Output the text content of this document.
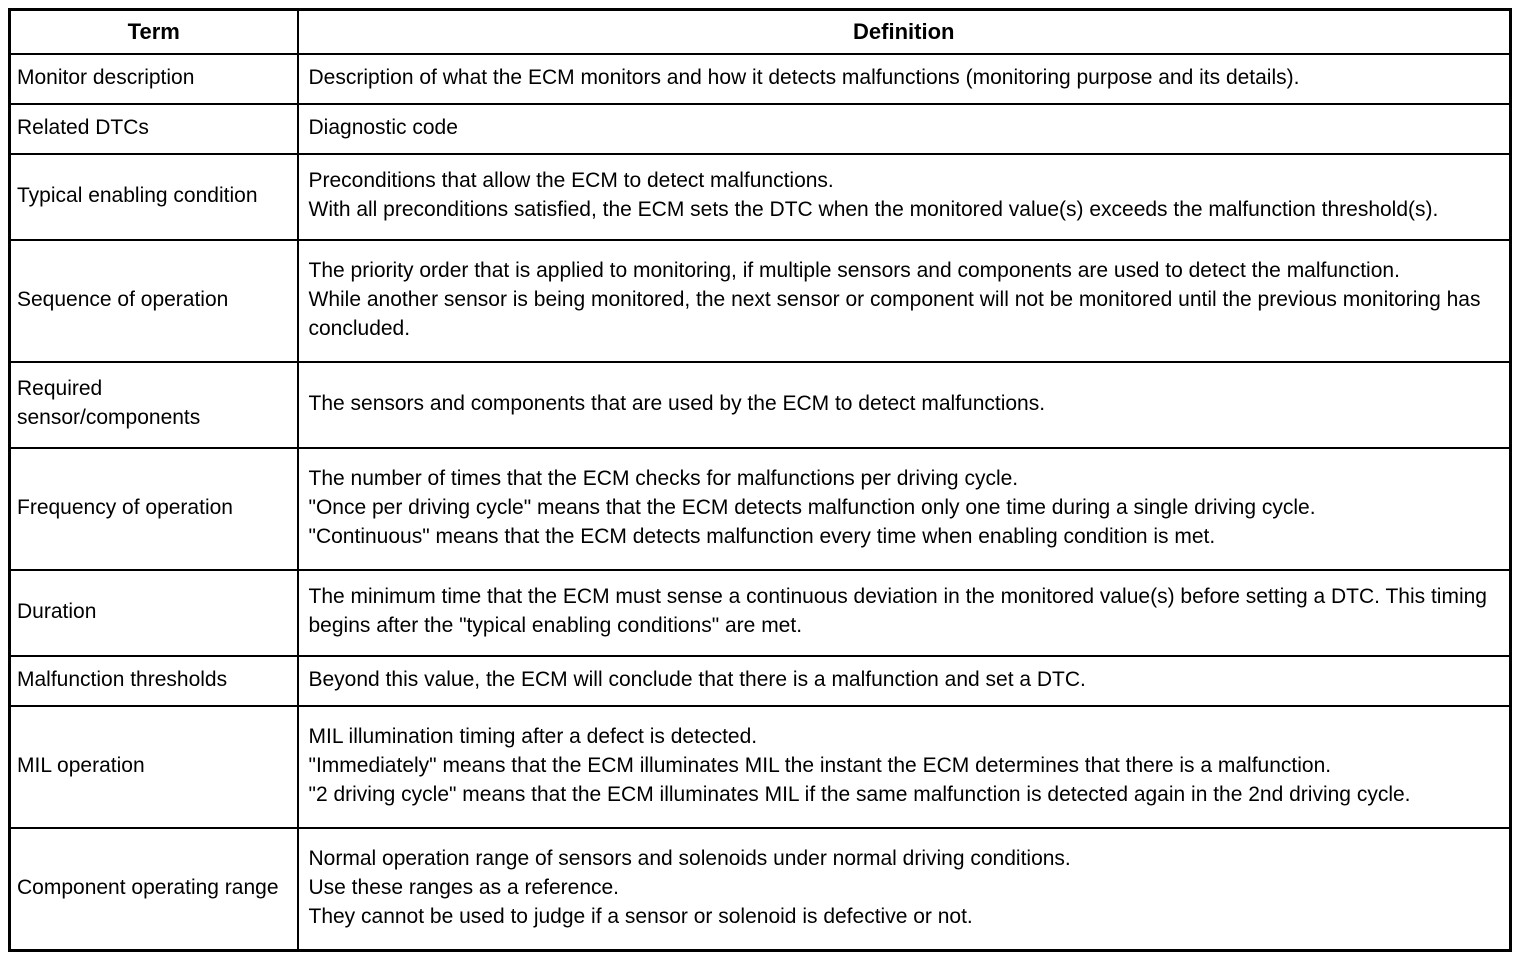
Term	Definition
Monitor description	Description of what the ECM monitors and how it detects malfunctions (monitoring purpose and its details).

Related DTCs	Diagnostic code

Typical enabling condition	Preconditions that allow the ECM to detect malfunctions.
With all preconditions satisfied, the ECM sets the DTC when the monitored value(s) exceeds the malfunction threshold(s).

Sequence of operation	The priority order that is applied to monitoring, if multiple sensors and components are used to detect the malfunction.
While another sensor is being monitored, the next sensor or component will not be monitored until the previous monitoring has concluded.

Required sensor/components	The sensors and components that are used by the ECM to detect malfunctions.

Frequency of operation	The number of times that the ECM checks for malfunctions per driving cycle.
"Once per driving cycle" means that the ECM detects malfunction only one time during a single driving cycle.
"Continuous" means that the ECM detects malfunction every time when enabling condition is met.

Duration	The minimum time that the ECM must sense a continuous deviation in the monitored value(s) before setting a DTC. This timing begins after the "typical enabling conditions" are met.

Malfunction thresholds	Beyond this value, the ECM will conclude that there is a malfunction and set a DTC.

MIL operation	MIL illumination timing after a defect is detected.
"Immediately" means that the ECM illuminates MIL the instant the ECM determines that there is a malfunction.
"2 driving cycle" means that the ECM illuminates MIL if the same malfunction is detected again in the 2nd driving cycle.

Component operating range	Normal operation range of sensors and solenoids under normal driving conditions.
Use these ranges as a reference.
They cannot be used to judge if a sensor or solenoid is defective or not.
